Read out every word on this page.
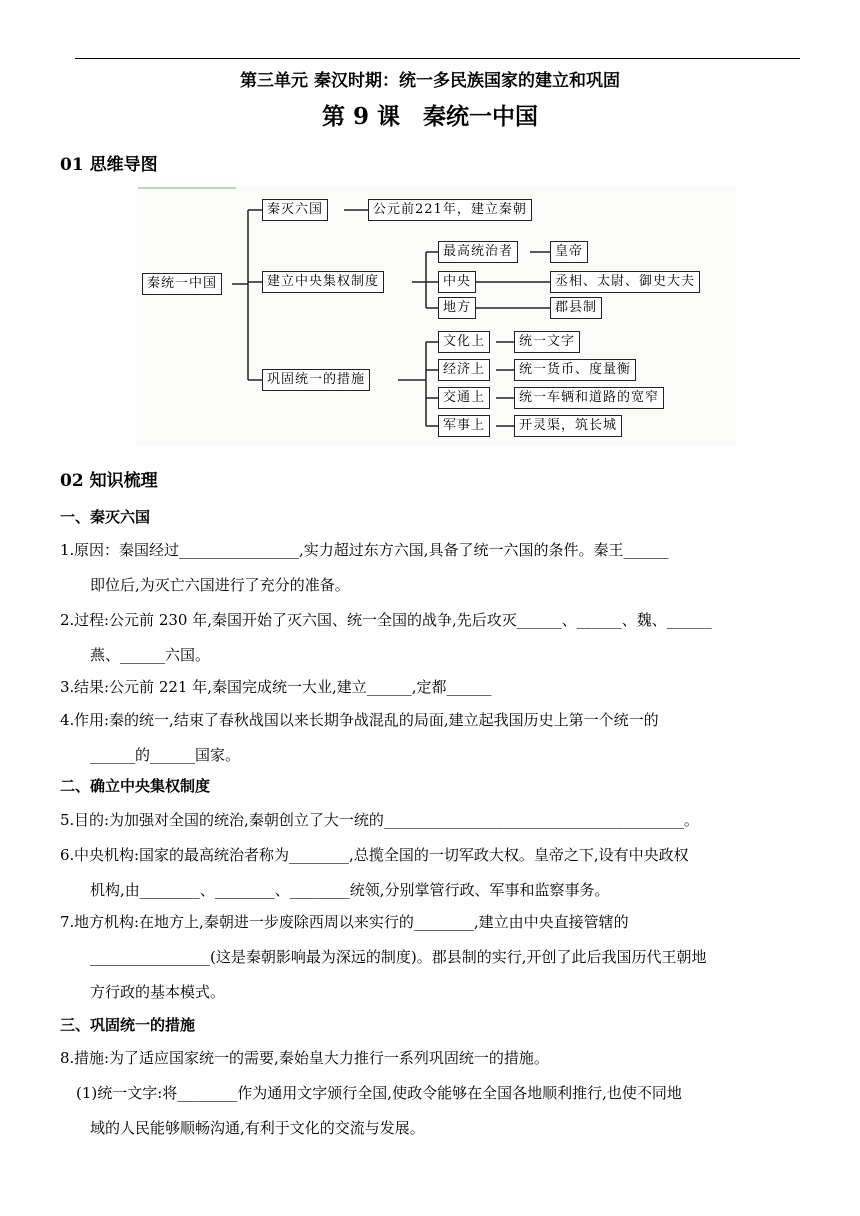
第三单元 秦汉时期：统一多民族国家的建立和巩固
第 9 课　秦统一中国
01 思维导图
秦统一中国
秦灭六国	公元前221年，建立秦朝
建立中央集权制度
最高统治者	皇帝
中央	丞相、太尉、御史大夫
地方	郡县制
巩固统一的措施
文化上	统一文字
经济上	统一货币、度量衡
交通上	统一车辆和道路的宽窄
军事上	开灵渠，筑长城
02 知识梳理
一、秦灭六国
1.原因：秦国经过________________,实力超过东方六国,具备了统一六国的条件。秦王______
即位后,为灭亡六国进行了充分的准备。
2.过程:公元前 230 年,秦国开始了灭六国、统一全国的战争,先后攻灭______、______、魏、______
燕、______六国。
3.结果:公元前 221 年,秦国完成统一大业,建立______,定都______
4.作用:秦的统一,结束了春秋战国以来长期争战混乱的局面,建立起我国历史上第一个统一的
______的______国家。
二、确立中央集权制度
5.目的:为加强对全国的统治,秦朝创立了大一统的________________________________________。
6.中央机构:国家的最高统治者称为________,总揽全国的一切军政大权。皇帝之下,设有中央政权
机构,由________、________、________统领,分别掌管行政、军事和监察事务。
7.地方机构:在地方上,秦朝进一步废除西周以来实行的________,建立由中央直接管辖的
________________(这是秦朝影响最为深远的制度)。郡县制的实行,开创了此后我国历代王朝地
方行政的基本模式。
三、巩固统一的措施
8.措施:为了适应国家统一的需要,秦始皇大力推行一系列巩固统一的措施。
(1)统一文字:将________作为通用文字颁行全国,使政令能够在全国各地顺利推行,也使不同地
域的人民能够顺畅沟通,有利于文化的交流与发展。
